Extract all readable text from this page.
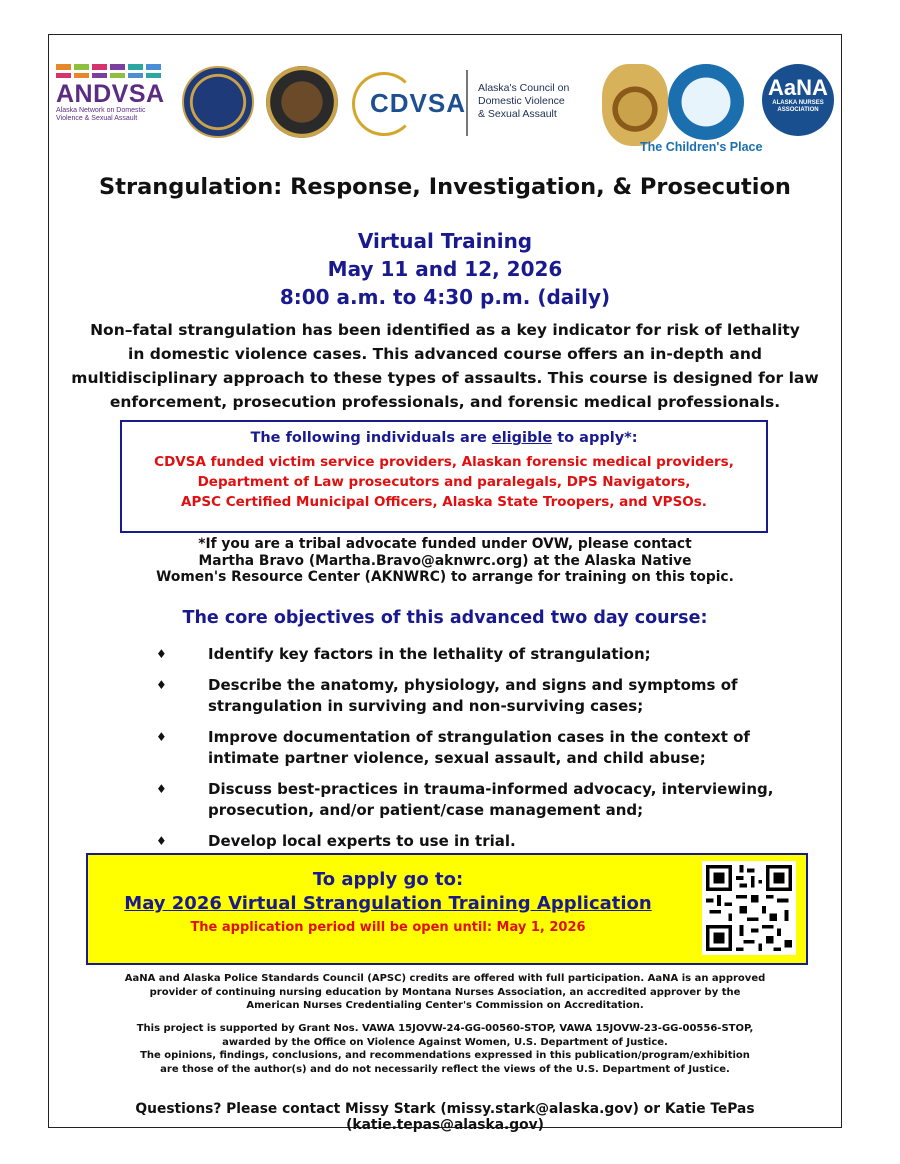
ANDVSA
Alaska Network on Domestic Violence & Sexual Assault
CDVSA Alaska's Council on
Domestic Violence
& Sexual Assault
The Children's Place
AaNA
ALASKA NURSES ASSOCIATION
Strangulation: Response, Investigation, & Prosecution
Virtual Training
May 11 and 12, 2026
8:00 a.m. to 4:30 p.m. (daily)
Non–fatal strangulation has been identified as a key indicator for risk of lethality
in domestic violence cases. This advanced course offers an in-depth and
multidisciplinary approach to these types of assaults. This course is designed for law
enforcement, prosecution professionals, and forensic medical professionals.
The following individuals are eligible to apply*:
CDVSA funded victim service providers, Alaskan forensic medical providers,
Department of Law prosecutors and paralegals, DPS Navigators,
APSC Certified Municipal Officers, Alaska State Troopers, and VPSOs.
*If you are a tribal advocate funded under OVW, please contact
Martha Bravo (Martha.Bravo@aknwrc.org) at the Alaska Native
Women's Resource Center (AKNWRC) to arrange for training on this topic.
The core objectives of this advanced two day course:
♦	Identify key factors in the lethality of strangulation;
♦	Describe the anatomy, physiology, and signs and symptoms of strangulation in surviving and non-surviving cases;
♦	Improve documentation of strangulation cases in the context of intimate partner violence, sexual assault, and child abuse;
♦	Discuss best-practices in trauma-informed advocacy, interviewing, prosecution, and/or patient/case management and;
♦	Develop local experts to use in trial.
To apply go to:
May 2026 Virtual Strangulation Training Application
The application period will be open until: May 1, 2026
AaNA and Alaska Police Standards Council (APSC) credits are offered with full participation. AaNA is an approved
provider of continuing nursing education by Montana Nurses Association, an accredited approver by the
American Nurses Credentialing Center's Commission on Accreditation.
This project is supported by Grant Nos. VAWA 15JOVW-24-GG-00560-STOP, VAWA 15JOVW-23-GG-00556-STOP,
awarded by the Office on Violence Against Women, U.S. Department of Justice.
The opinions, findings, conclusions, and recommendations expressed in this publication/program/exhibition
are those of the author(s) and do not necessarily reflect the views of the U.S. Department of Justice.
Questions? Please contact Missy Stark (missy.stark@alaska.gov) or Katie TePas (katie.tepas@alaska.gov)
